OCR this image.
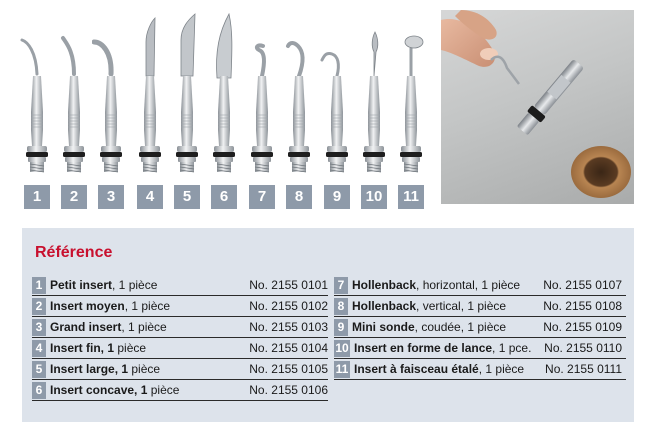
1	2	3	4	5	6	7	8	9	10	11
Référence
1 Petit insert, 1 pièce	No. 2155 0101
2 Insert moyen, 1 pièce	No. 2155 0102
3 Grand insert, 1 pièce	No. 2155 0103
4 Insert fin, 1 pièce	No. 2155 0104
5 Insert large, 1 pièce	No. 2155 0105
6 Insert concave, 1 pièce	No. 2155 0106
7 Hollenback, horizontal, 1 pièce No. 2155 0107
8 Hollenback, vertical, 1 pièce	No. 2155 0108
9 Mini sonde, coudée, 1 pièce	No. 2155 0109
10 Insert en forme de lance, 1 pce. No. 2155 0110
11 Insert à faisceau étalé, 1 pièce No. 2155 0111
